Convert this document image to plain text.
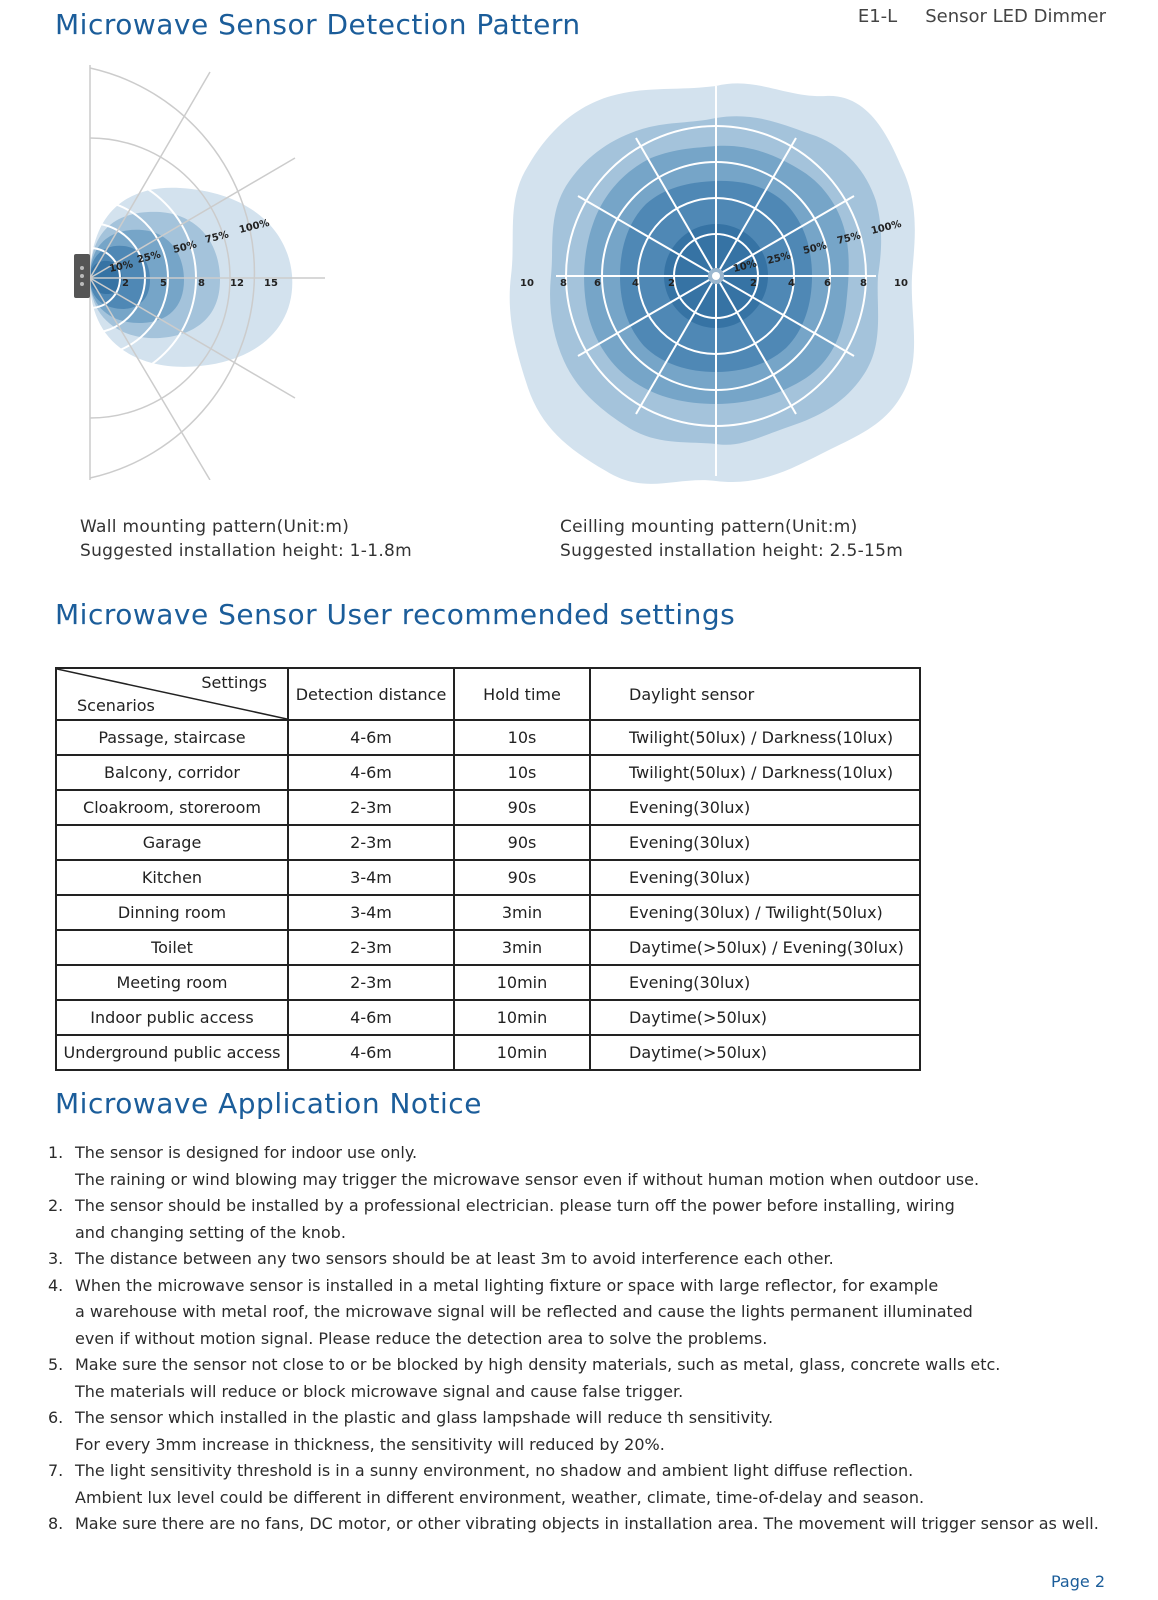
Microwave Sensor Detection Pattern	E1-L Sensor LED Dimmer
10%
25%
50%
75%
100%
2	5	8	12 15
10% 25%
50%
75%
100%
10	8	6	4	2	2	4	6	8	10
Wall mounting pattern(Unit:m)
Suggested installation height: 1-1.8m
Ceilling mounting pattern(Unit:m)
Suggested installation height: 2.5-15m
Microwave Sensor User recommended settings
Settings
Scenarios	Detection distance	Hold time	Daylight sensor
Passage, staircase	4-6m	10s	Twilight(50lux) / Darkness(10lux)
Balcony, corridor	4-6m	10s	Twilight(50lux) / Darkness(10lux)
Cloakroom, storeroom	2-3m	90s	Evening(30lux)
Garage	2-3m	90s	Evening(30lux)
Kitchen	3-4m	90s	Evening(30lux)
Dinning room	3-4m	3min	Evening(30lux) / Twilight(50lux)
Toilet	2-3m	3min	Daytime(>50lux) / Evening(30lux)
Meeting room	2-3m	10min	Evening(30lux)
Indoor public access	4-6m	10min	Daytime(>50lux)
Underground public access	4-6m	10min	Daytime(>50lux)
Microwave Application Notice
1. The sensor is designed for indoor use only.
The raining or wind blowing may trigger the microwave sensor even if without human motion when outdoor use.
2. The sensor should be installed by a professional electrician. please turn off the power before installing, wiring
and changing setting of the knob.
3. The distance between any two sensors should be at least 3m to avoid interference each other.
4. When the microwave sensor is installed in a metal lighting fixture or space with large reflector, for example
a warehouse with metal roof, the microwave signal will be reflected and cause the lights permanent illuminated
even if without motion signal. Please reduce the detection area to solve the problems.
5. Make sure the sensor not close to or be blocked by high density materials, such as metal, glass, concrete walls etc.
The materials will reduce or block microwave signal and cause false trigger.
6. The sensor which installed in the plastic and glass lampshade will reduce th sensitivity.
For every 3mm increase in thickness, the sensitivity will reduced by 20%.
7. The light sensitivity threshold is in a sunny environment, no shadow and ambient light diffuse reflection.
Ambient lux level could be different in different environment, weather, climate, time-of-delay and season.
8. Make sure there are no fans, DC motor, or other vibrating objects in installation area. The movement will trigger sensor as well.
Page 2
